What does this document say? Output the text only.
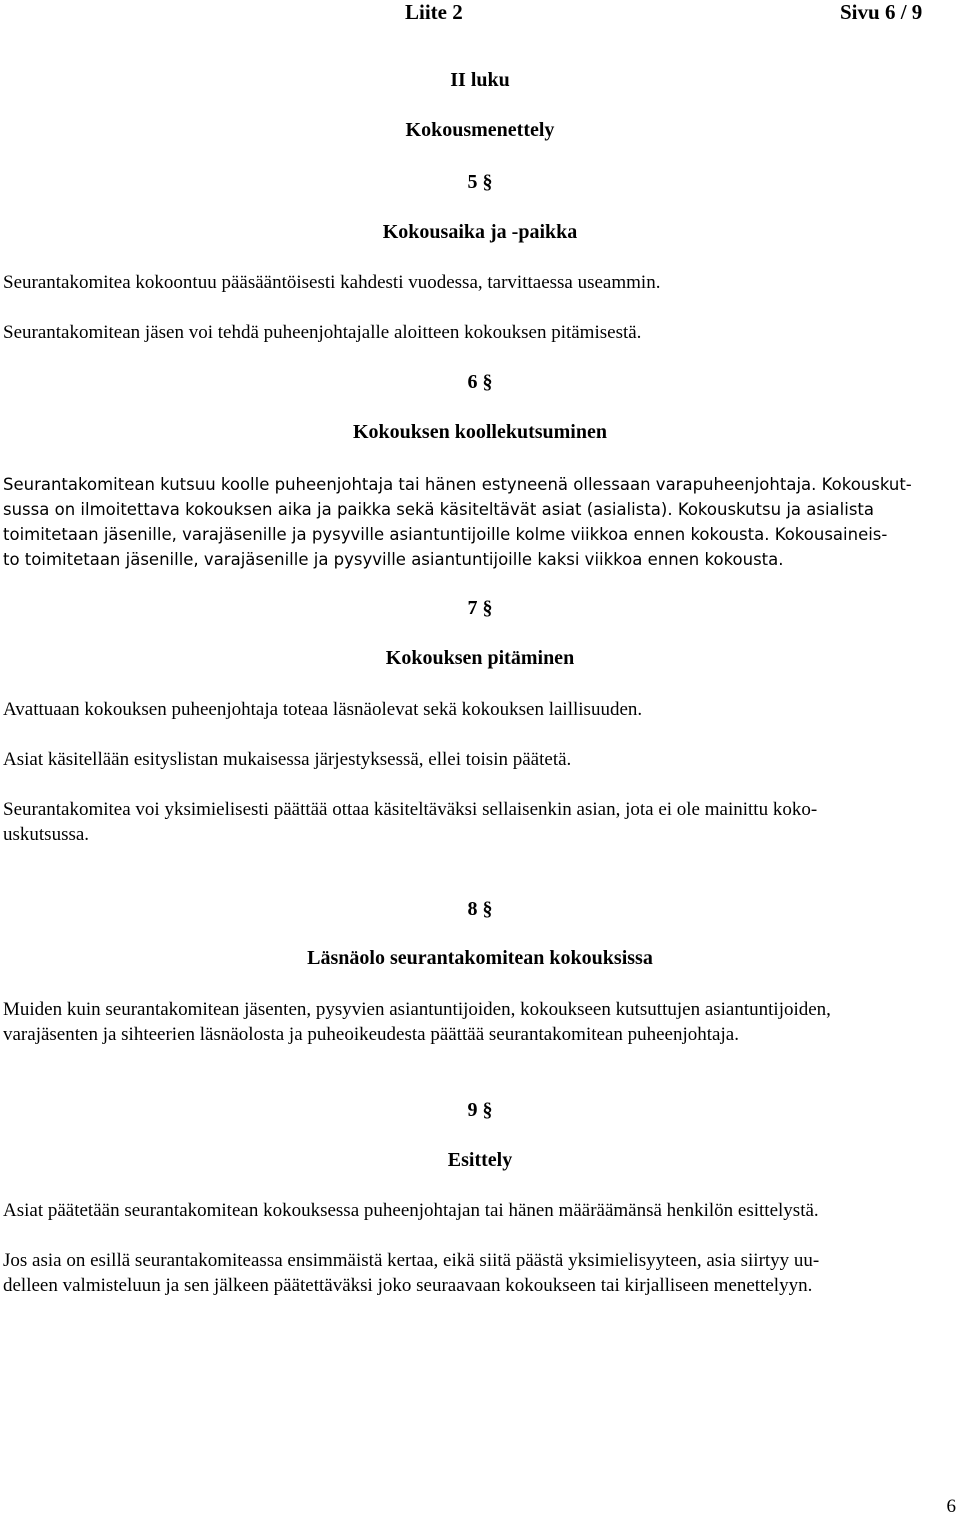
Liite 2	Sivu 6 / 9
II luku
Kokousmenettely
5 §
Kokousaika ja -paikka
Seurantakomitea kokoontuu pääsääntöisesti kahdesti vuodessa, tarvittaessa useammin.
Seurantakomitean jäsen voi tehdä puheenjohtajalle aloitteen kokouksen pitämisestä.
6 §
Kokouksen koollekutsuminen
Seurantakomitean kutsuu koolle puheenjohtaja tai hänen estyneenä ollessaan varapuheenjohtaja. Kokouskut-
sussa on ilmoitettava kokouksen aika ja paikka sekä käsiteltävät asiat (asialista). Kokouskutsu ja asialista
toimitetaan jäsenille, varajäsenille ja pysyville asiantuntijoille kolme viikkoa ennen kokousta. Kokousaineis-
to toimitetaan jäsenille, varajäsenille ja pysyville asiantuntijoille kaksi viikkoa ennen kokousta.
7 §
Kokouksen pitäminen
Avattuaan kokouksen puheenjohtaja toteaa läsnäolevat sekä kokouksen laillisuuden.
Asiat käsitellään esityslistan mukaisessa järjestyksessä, ellei toisin päätetä.
Seurantakomitea voi yksimielisesti päättää ottaa käsiteltäväksi sellaisenkin asian, jota ei ole mainittu koko-
uskutsussa.
8 §
Läsnäolo seurantakomitean kokouksissa
Muiden kuin seurantakomitean jäsenten, pysyvien asiantuntijoiden, kokoukseen kutsuttujen asiantuntijoiden,
varajäsenten ja sihteerien läsnäolosta ja puheoikeudesta päättää seurantakomitean puheenjohtaja.
9 §
Esittely
Asiat päätetään seurantakomitean kokouksessa puheenjohtajan tai hänen määräämänsä henkilön esittelystä.
Jos asia on esillä seurantakomiteassa ensimmäistä kertaa, eikä siitä päästä yksimielisyyteen, asia siirtyy uu-
delleen valmisteluun ja sen jälkeen päätettäväksi joko seuraavaan kokoukseen tai kirjalliseen menettelyyn.
6
